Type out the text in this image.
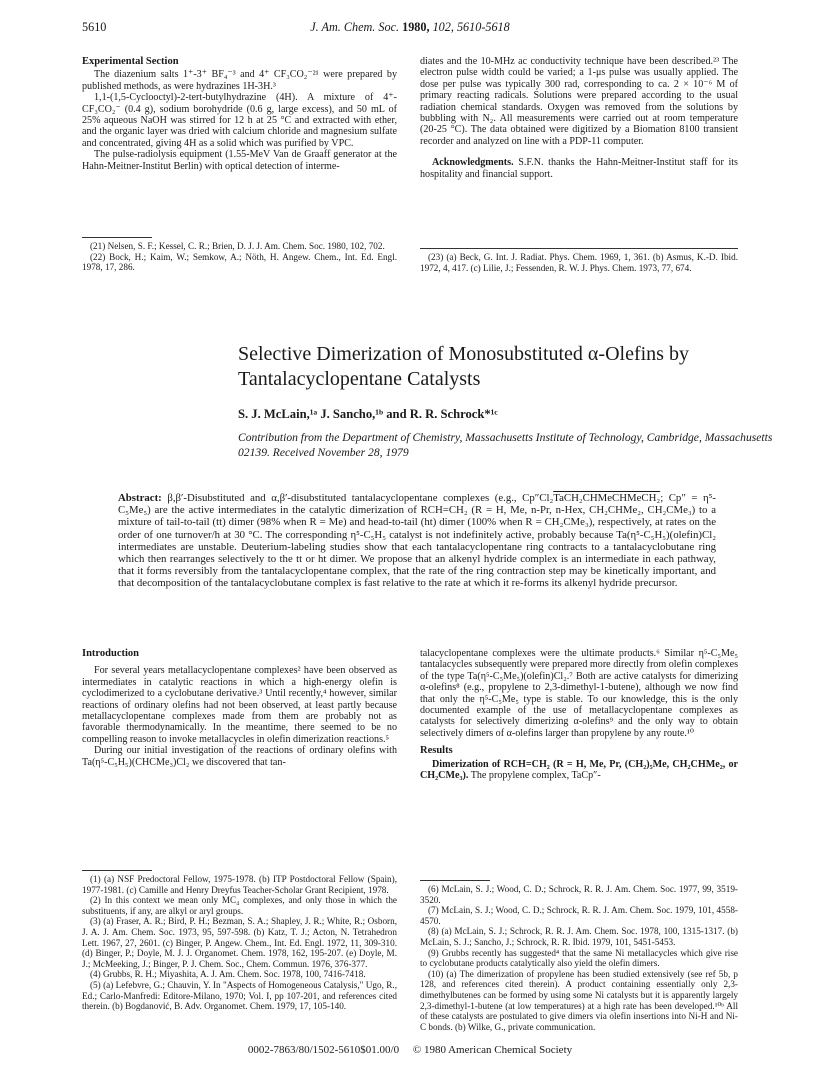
5610	J. Am. Chem. Soc. 1980, 102, 5610-5618

Experimental Section

The diazenium salts 1⁺-3⁺ BF₄⁻³ and 4⁺ CF₃CO₂⁻²¹ were prepared by published methods, as were hydrazines 1H-3H.³

1,1-(1,5-Cyclooctyl)-2-tert-butylhydrazine (4H). A mixture of 4⁺-CF₃CO₂⁻ (0.4 g), sodium borohydride (0.6 g, large excess), and 50 mL of 25% aqueous NaOH was stirred for 12 h at 25 °C and extracted with ether, and the organic layer was dried with calcium chloride and magnesium sulfate and concentrated, giving 4H as a solid which was purified by VPC.

The pulse-radiolysis equipment (1.55-MeV Van de Graaff generator at the Hahn-Meitner-Institut Berlin) with optical detection of interme-

(21) Nelsen, S. F.; Kessel, C. R.; Brien, D. J. J. Am. Chem. Soc. 1980, 102, 702.

(22) Bock, H.; Kaim, W.; Semkow, A.; Nöth, H. Angew. Chem., Int. Ed. Engl. 1978, 17, 286.

diates and the 10-MHz ac conductivity technique have been described.²³ The electron pulse width could be varied; a 1-μs pulse was usually applied. The dose per pulse was typically 300 rad, corresponding to ca. 2 × 10⁻⁶ M of primary reacting radicals. Solutions were prepared according to the usual radiation chemical standards. Oxygen was removed from the solutions by bubbling with N₂. All measurements were carried out at room temperature (20-25 °C). The data obtained were digitized by a Biomation 8100 transient recorder and analyzed on line with a PDP-11 computer.

Acknowledgments. S.F.N. thanks the Hahn-Meitner-Institut staff for its hospitality and financial support.

(23) (a) Beck, G. Int. J. Radiat. Phys. Chem. 1969, 1, 361. (b) Asmus, K.-D. Ibid. 1972, 4, 417. (c) Lilie, J.; Fessenden, R. W. J. Phys. Chem. 1973, 77, 674.

Selective Dimerization of Monosubstituted α-Olefins by Tantalacyclopentane Catalysts
S. J. McLain,¹ᵃ J. Sancho,¹ᵇ and R. R. Schrock*¹ᶜ
Contribution from the Department of Chemistry, Massachusetts Institute of Technology, Cambridge, Massachusetts 02139. Received November 28, 1979
Abstract: β,β′-Disubstituted and α,β′-disubstituted tantalacyclopentane complexes (e.g., Cp″Cl₂TaCH₂CHMeCHMeCH₂; Cp″ = η⁵-C₅Me₅) are the active intermediates in the catalytic dimerization of RCH=CH₂ (R = H, Me, n-Pr, n-Hex, CH₂CHMe₂, CH₂CMe₃) to a mixture of tail-to-tail (tt) dimer (98% when R = Me) and head-to-tail (ht) dimer (100% when R = CH₂CMe₃), respectively, at rates on the order of one turnover/h at 30 °C. The corresponding η⁵-C₅H₅ catalyst is not indefinitely active, probably because Ta(η⁵-C₅H₅)(olefin)Cl₂ intermediates are unstable. Deuterium-labeling studies show that each tantalacyclopentane ring contracts to a tantalacyclobutane ring which then rearranges selectively to the tt or ht dimer. We propose that an alkenyl hydride complex is an intermediate in each pathway, that it forms reversibly from the tantalacyclopentane complex, that the rate of the ring contraction step may be kinetically important, and that decomposition of the tantalacyclobutane complex is fast relative to the rate at which it re-forms its alkenyl hydride precursor.

Introduction

For several years metallacyclopentane complexes² have been observed as intermediates in catalytic reactions in which a high-energy olefin is cyclodimerized to a cyclobutane derivative.³ Until recently,⁴ however, similar reactions of ordinary olefins had not been observed, at least partly because metallacyclopentane complexes made from them are probably not as favorable thermodynamically. In the meantime, there seemed to be no compelling reason to invoke metallacycles in olefin dimerization reactions.⁵

During our initial investigation of the reactions of ordinary olefins with Ta(η⁵-C₅H₅)(CHCMe₃)Cl₂ we discovered that tan-

(1) (a) NSF Predoctoral Fellow, 1975-1978. (b) ITP Postdoctoral Fellow (Spain), 1977-1981. (c) Camille and Henry Dreyfus Teacher-Scholar Grant Recipient, 1978.

(2) In this context we mean only MC₄ complexes, and only those in which the substituents, if any, are alkyl or aryl groups.

(3) (a) Fraser, A. R.; Bird, P. H.; Bezman, S. A.; Shapley, J. R.; White, R.; Osborn, J. A. J. Am. Chem. Soc. 1973, 95, 597-598. (b) Katz, T. J.; Acton, N. Tetrahedron Lett. 1967, 27, 2601. (c) Binger, P. Angew. Chem., Int. Ed. Engl. 1972, 11, 309-310. (d) Binger, P.; Doyle, M. J. J. Organomet. Chem. 1978, 162, 195-207. (e) Doyle, M. J.; McMeeking, J.; Binger, P. J. Chem. Soc., Chem. Commun. 1976, 376-377.

(4) Grubbs, R. H.; Miyashita, A. J. Am. Chem. Soc. 1978, 100, 7416-7418.

(5) (a) Lefebvre, G.; Chauvin, Y. In "Aspects of Homogeneous Catalysis," Ugo, R., Ed.; Carlo-Manfredi: Editore-Milano, 1970; Vol. I, pp 107-201, and references cited therein. (b) Bogdanović, B. Adv. Organomet. Chem. 1979, 17, 105-140.

talacyclopentane complexes were the ultimate products.⁶ Similar η⁵-C₅Me₅ tantalacycles subsequently were prepared more directly from olefin complexes of the type Ta(η⁵-C₅Me₅)(olefin)Cl₂.⁷ Both are active catalysts for dimerizing α-olefins⁸ (e.g., propylene to 2,3-dimethyl-1-butene), although we now find that only the η⁵-C₅Me₅ type is stable. To our knowledge, this is the only documented example of the use of metallacyclopentane complexes as catalysts for selectively dimerizing α-olefins⁹ and the only way to obtain selectively dimers of α-olefins larger than propylene by any route.¹⁰

Results

Dimerization of RCH=CH₂ (R = H, Me, Pr, (CH₂)₅Me, CH₂CHMe₂, or CH₂CMe₃). The propylene complex, TaCp″-

(6) McLain, S. J.; Wood, C. D.; Schrock, R. R. J. Am. Chem. Soc. 1977, 99, 3519-3520.

(7) McLain, S. J.; Wood, C. D.; Schrock, R. R. J. Am. Chem. Soc. 1979, 101, 4558-4570.

(8) (a) McLain, S. J.; Schrock, R. R. J. Am. Chem. Soc. 1978, 100, 1315-1317. (b) McLain, S. J.; Sancho, J.; Schrock, R. R. Ibid. 1979, 101, 5451-5453.

(9) Grubbs recently has suggested⁴ that the same Ni metallacycles which give rise to cyclobutane products catalytically also yield the olefin dimers.

(10) (a) The dimerization of propylene has been studied extensively (see ref 5b, p 128, and references cited therein). A product containing essentially only 2,3-dimethylbutenes can be formed by using some Ni catalysts but it is apparently largely 2,3-dimethyl-1-butene (at low temperatures) at a high rate has been developed.¹⁰ᵇ All of these catalysts are postulated to give dimers via olefin insertions into Ni-H and Ni-C bonds. (b) Wilke, G., private communication.

0002-7863/80/1502-5610$01.00/0 © 1980 American Chemical Society
